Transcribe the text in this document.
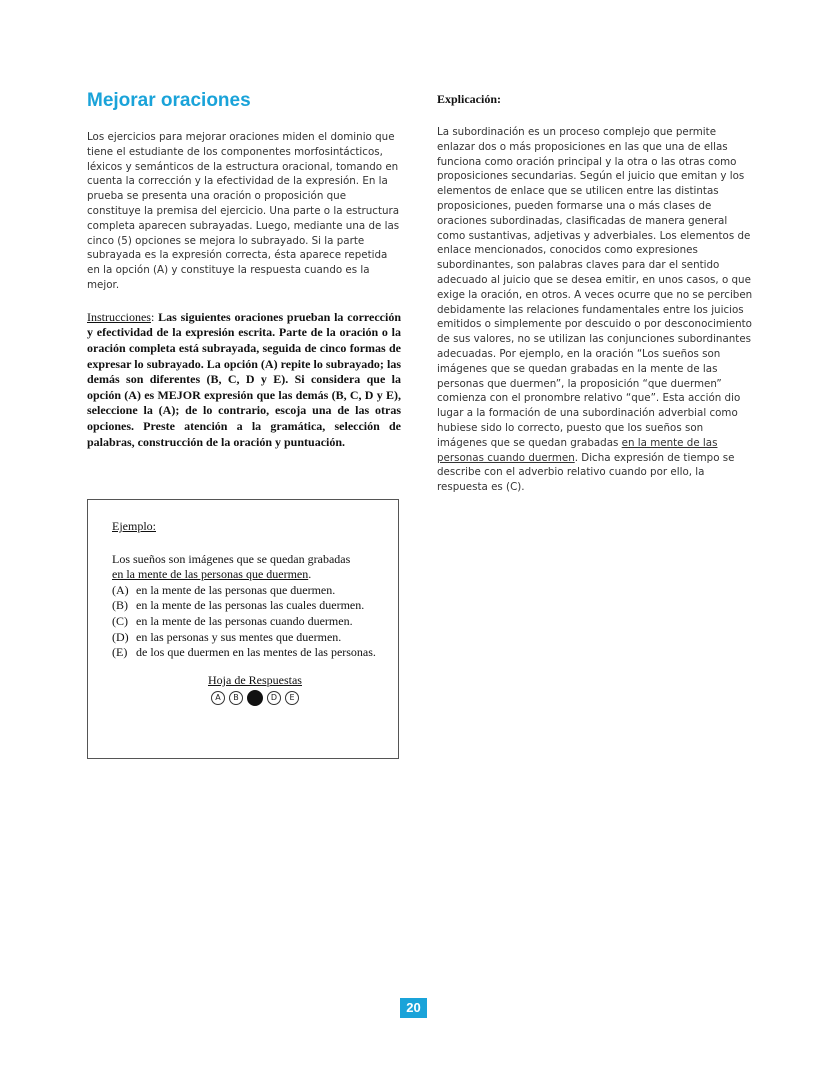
Mejorar oraciones

Los ejercicios para mejorar oraciones miden el dominio que tiene el estudiante de los componentes morfosintácticos, léxicos y semánticos de la estructura oracional, tomando en cuenta la corrección y la efectividad de la expresión. En la prueba se presenta una oración o proposición que constituye la premisa del ejercicio. Una parte o la estructura completa aparecen subrayadas. Luego, mediante una de las cinco (5) opciones se mejora lo subrayado. Si la parte subrayada es la expresión correcta, ésta aparece repetida en la opción (A) y constituye la respuesta cuando es la mejor.

Instrucciones: Las siguientes oraciones prueban la corrección y efectividad de la expresión escrita. Parte de la oración o la oración completa está subrayada, seguida de cinco formas de expresar lo subrayado. La opción (A) repite lo subrayado; las demás son diferentes (B, C, D y E). Si considera que la opción (A) es MEJOR expresión que las demás (B, C, D y E), seleccione la (A); de lo contrario, escoja una de las otras opciones. Preste atención a la gramática, selección de palabras, construcción de la oración y puntuación.
Ejemplo:
Los sueños son imágenes que se quedan grabadas
en la mente de las personas que duermen.
(A) en la mente de las personas que duermen.
(B) en la mente de las personas las cuales duermen.
(C) en la mente de las personas cuando duermen.
(D) en las personas y sus mentes que duermen.
(E) de los que duermen en las mentes de las personas.
Hoja de Respuestas
A	B	D	E
Explicación:

La subordinación es un proceso complejo que permite enlazar dos o más proposiciones en las que una de ellas funciona como oración principal y la otra o las otras como proposiciones secundarias. Según el juicio que emitan y los elementos de enlace que se utilicen entre las distintas proposiciones, pueden formarse una o más clases de oraciones subordinadas, clasificadas de manera general como sustantivas, adjetivas y adverbiales. Los elementos de enlace mencionados, conocidos como expresiones subordinantes, son palabras claves para dar el sentido adecuado al juicio que se desea emitir, en unos casos, o que exige la oración, en otros. A veces ocurre que no se perciben debidamente las relaciones fundamentales entre los juicios emitidos o simplemente por descuido o por desconocimiento de sus valores, no se utilizan las conjunciones subordinantes adecuadas. Por ejemplo, en la oración “Los sueños son imágenes que se quedan grabadas en la mente de las personas que duermen”, la proposición “que duermen” comienza con el pronombre relativo “que”. Esta acción dio lugar a la formación de una subordinación adverbial como hubiese sido lo correcto, puesto que los sueños son imágenes que se quedan grabadas en la mente de las personas cuando duermen. Dicha expresión de tiempo se describe con el adverbio relativo cuando por ello, la respuesta es (C).

20
